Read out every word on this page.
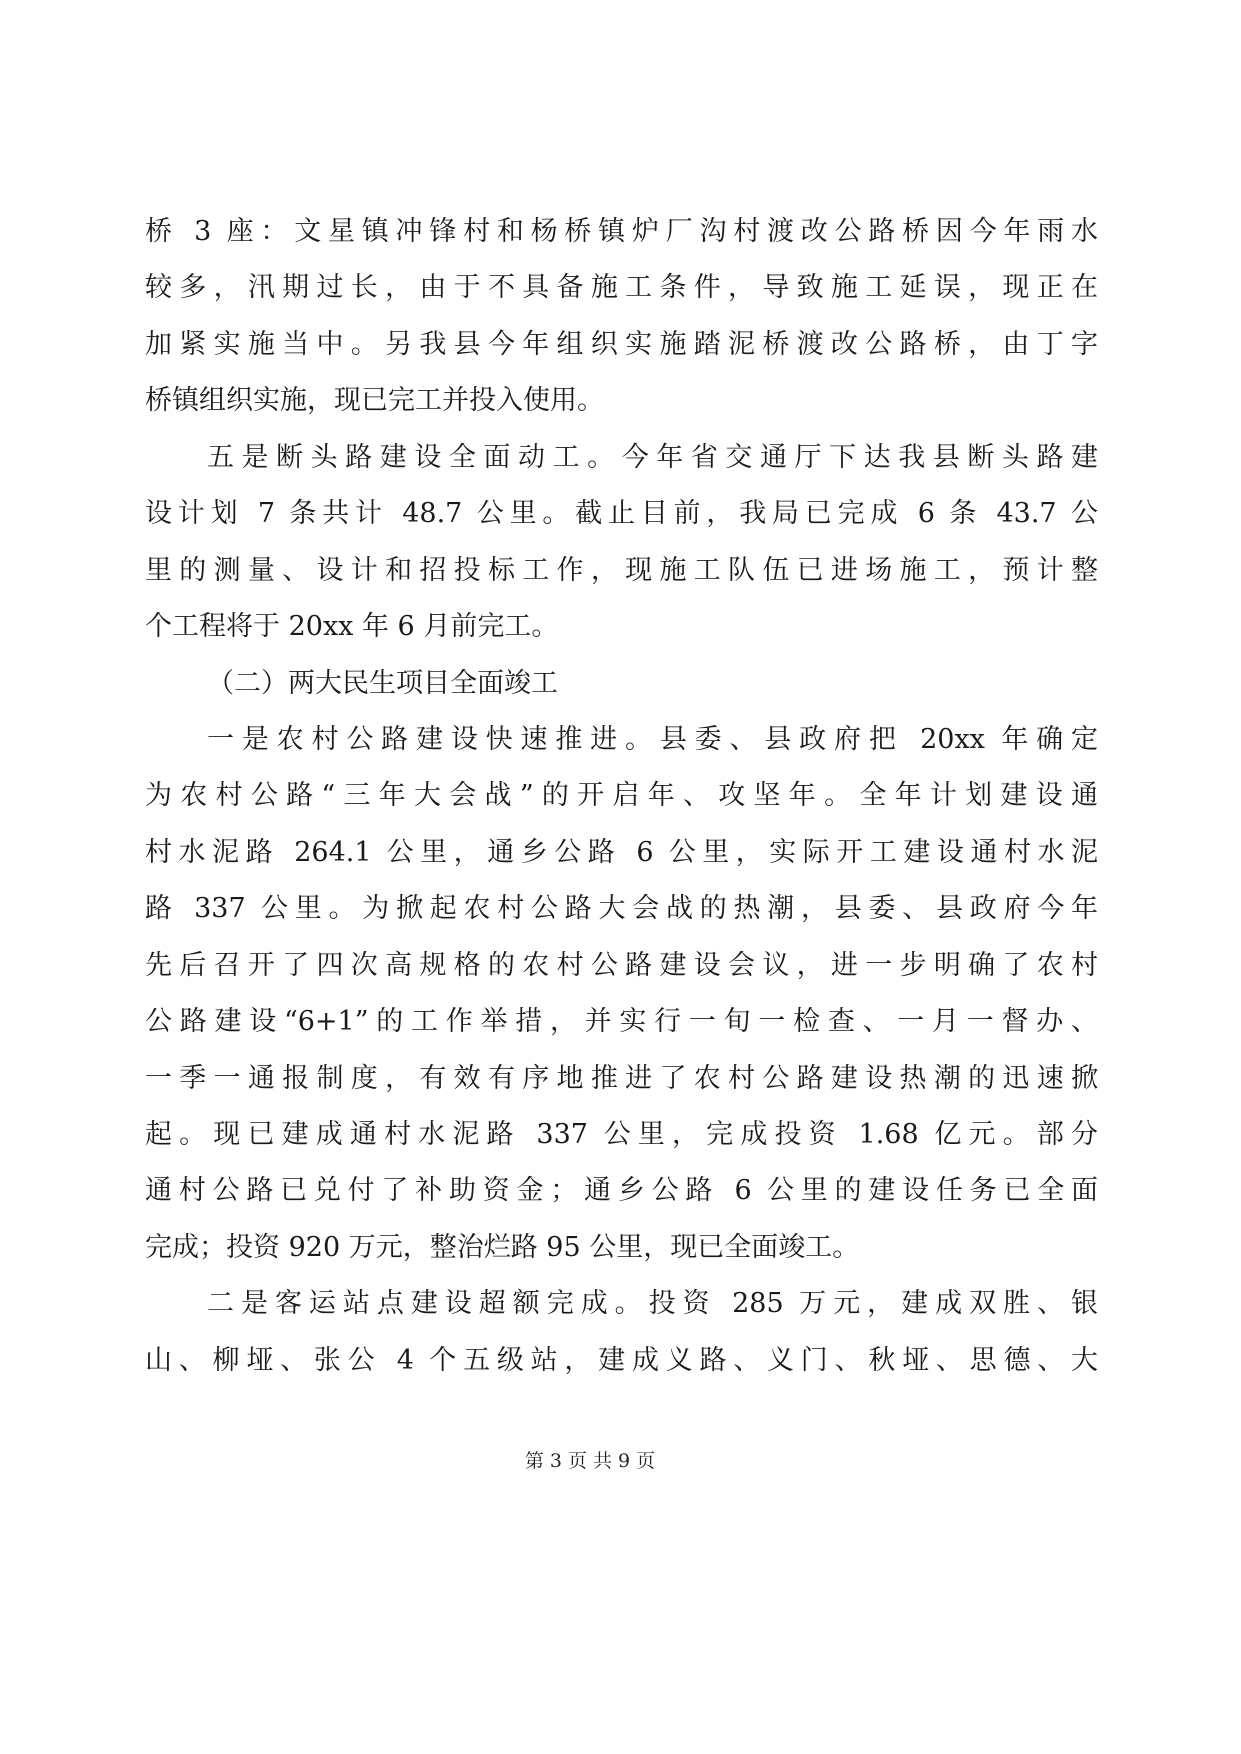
桥 3 座：文星镇冲锋村和杨桥镇炉厂沟村渡改公路桥因今年雨水
较多，汛期过长，由于不具备施工条件，导致施工延误，现正在
加紧实施当中。另我县今年组织实施踏泥桥渡改公路桥，由丁字
桥镇组织实施，现已完工并投入使用。
五是断头路建设全面动工。今年省交通厅下达我县断头路建
设计划 7 条共计 48.7 公里。截止目前，我局已完成 6 条 43.7 公
里的测量、设计和招投标工作，现施工队伍已进场施工，预计整
个工程将于 20xx 年 6 月前完工。
（二）两大民生项目全面竣工
一是农村公路建设快速推进。县委、县政府把 20xx 年确定
为农村公路“三年大会战”的开启年、攻坚年。全年计划建设通
村水泥路 264.1 公里，通乡公路 6 公里，实际开工建设通村水泥
路 337 公里。为掀起农村公路大会战的热潮，县委、县政府今年
先后召开了四次高规格的农村公路建设会议，进一步明确了农村
公路建设“6+1”的工作举措，并实行一旬一检查、一月一督办、
一季一通报制度，有效有序地推进了农村公路建设热潮的迅速掀
起。现已建成通村水泥路 337 公里，完成投资 1.68 亿元。部分
通村公路已兑付了补助资金；通乡公路 6 公里的建设任务已全面
完成；投资 920 万元，整治烂路 95 公里，现已全面竣工。
二是客运站点建设超额完成。投资 285 万元，建成双胜、银
山、柳垭、张公 4 个五级站，建成义路、义门、秋垭、思德、大
第 3 页 共 9 页
